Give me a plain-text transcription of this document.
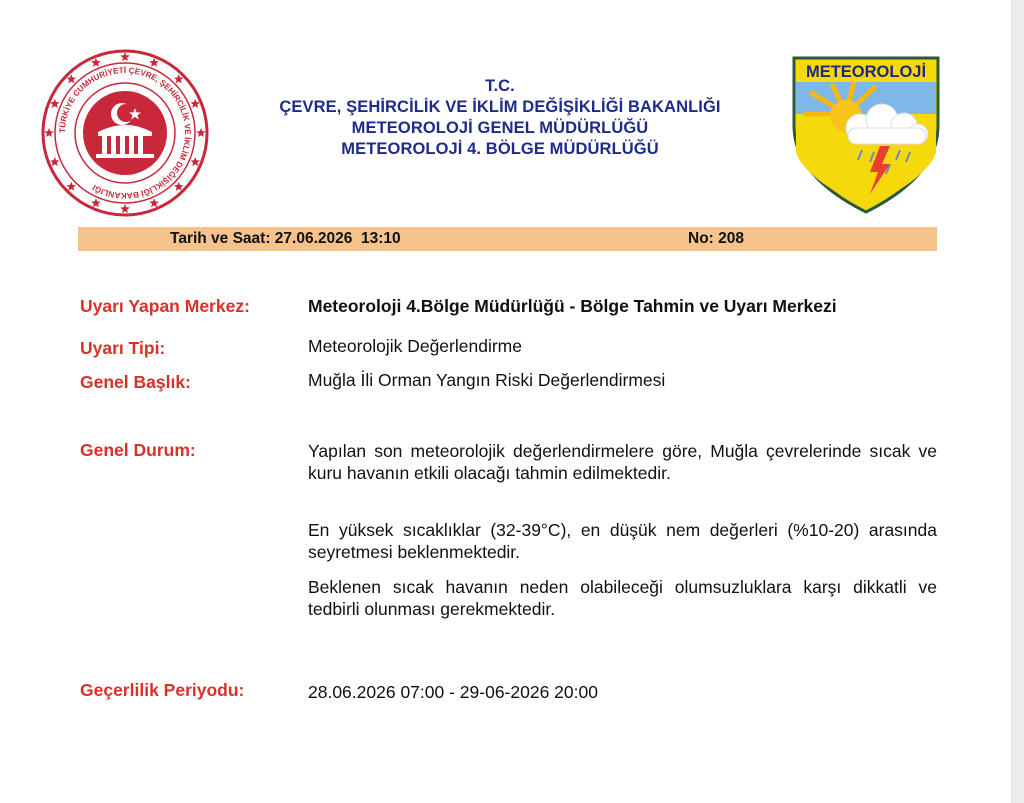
TÜRKİYE CUMHURİYETİ ÇEVRE, ŞEHİRCİLİK VE İKLİM DEĞİŞİKLİĞİ BAKANLIĞI
METEOROLOJİ
T.C.
ÇEVRE, ŞEHİRCİLİK VE İKLİM DEĞİŞİKLİĞİ BAKANLIĞI
METEOROLOJİ GENEL MÜDÜRLÜĞÜ
METEOROLOJİ 4. BÖLGE MÜDÜRLÜĞÜ
Tarih ve Saat: 27.06.2026  13:10	No: 208
Uyarı Yapan Merkez:	Meteoroloji 4.Bölge Müdürlüğü - Bölge Tahmin ve Uyarı Merkezi
Uyarı Tipi:	Meteorolojik Değerlendirme
Genel Başlık:	Muğla İli Orman Yangın Riski Değerlendirmesi
Genel Durum:	Yapılan son meteorolojik değerlendirmelere göre, Muğla çevrelerinde sıcak ve kuru havanın etkili olacağı tahmin edilmektedir.
En yüksek sıcaklıklar (32-39°C), en düşük nem değerleri (%10-20) arasında seyretmesi beklenmektedir.
Beklenen sıcak havanın neden olabileceği olumsuzluklara karşı dikkatli ve tedbirli olunması gerekmektedir.
Geçerlilik Periyodu:	28.06.2026 07:00 - 29-06-2026 20:00
